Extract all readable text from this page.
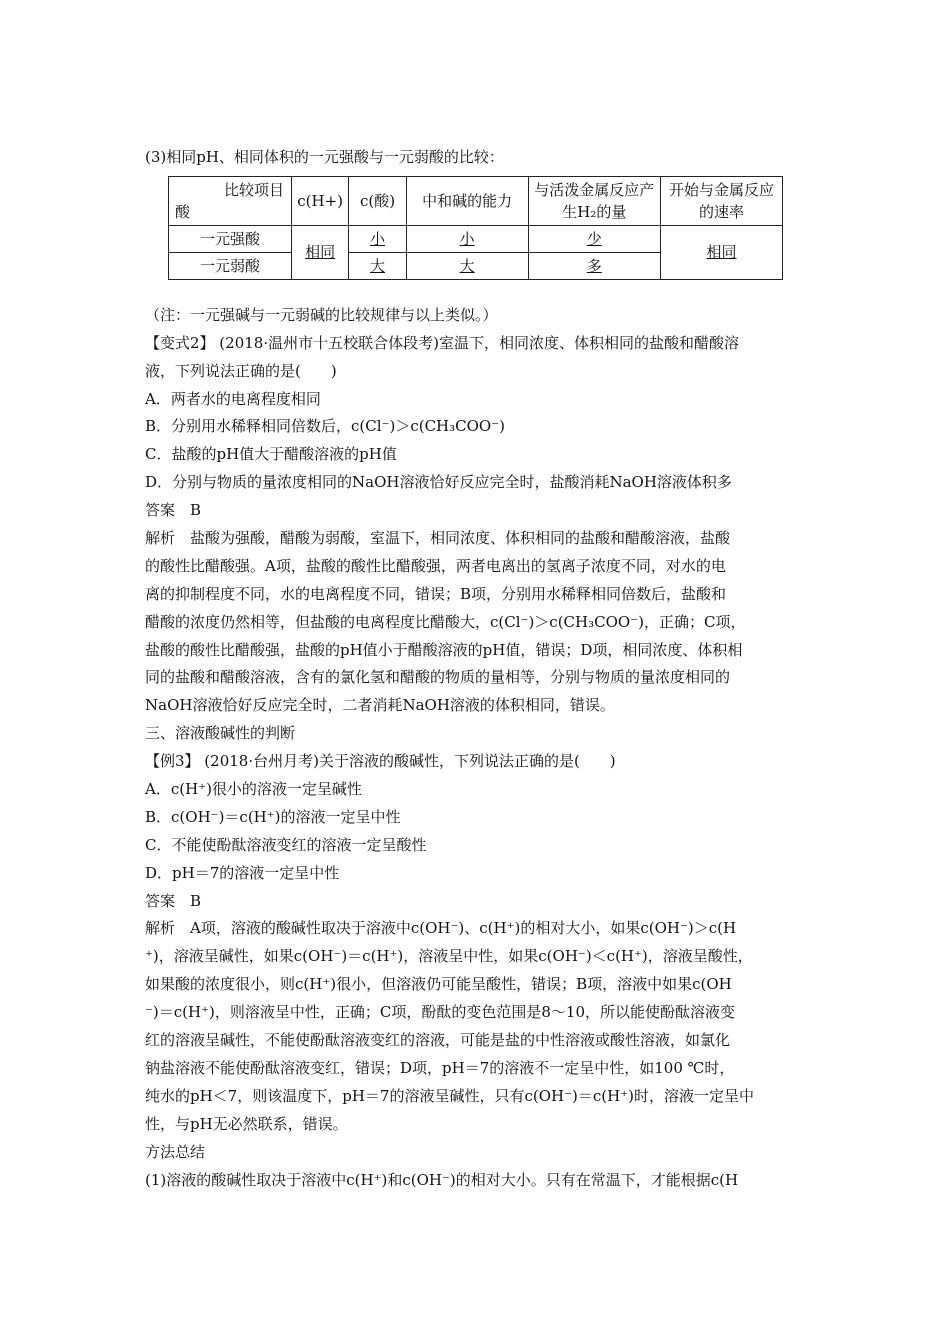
(3)相同pH、相同体积的一元强酸与一元弱酸的比较：
比较项目
酸	c(H+)	c(酸)	中和碱的能力	与活泼金属反应产生H₂的量	开始与金属反应的速率
一元强酸	相同	小	小	少	相同
一元弱酸		大	大	多	
（注：一元强碱与一元弱碱的比较规律与以上类似。）
【变式2】 (2018·温州市十五校联合体段考)室温下，相同浓度、体积相同的盐酸和醋酸溶
液，下列说法正确的是(　　)
A．两者水的电离程度相同
B．分别用水稀释相同倍数后，c(Cl⁻)＞c(CH₃COO⁻)
C．盐酸的pH值大于醋酸溶液的pH值
D．分别与物质的量浓度相同的NaOH溶液恰好反应完全时，盐酸消耗NaOH溶液体积多
答案　B
解析　盐酸为强酸，醋酸为弱酸，室温下，相同浓度、体积相同的盐酸和醋酸溶液，盐酸
的酸性比醋酸强。A项，盐酸的酸性比醋酸强，两者电离出的氢离子浓度不同，对水的电
离的抑制程度不同，水的电离程度不同，错误；B项，分别用水稀释相同倍数后，盐酸和
醋酸的浓度仍然相等，但盐酸的电离程度比醋酸大，c(Cl⁻)＞c(CH₃COO⁻)，正确；C项，
盐酸的酸性比醋酸强，盐酸的pH值小于醋酸溶液的pH值，错误；D项，相同浓度、体积相
同的盐酸和醋酸溶液，含有的氯化氢和醋酸的物质的量相等，分别与物质的量浓度相同的
NaOH溶液恰好反应完全时，二者消耗NaOH溶液的体积相同，错误。
三、溶液酸碱性的判断
【例3】 (2018·台州月考)关于溶液的酸碱性，下列说法正确的是(　　)
A．c(H⁺)很小的溶液一定呈碱性
B．c(OH⁻)＝c(H⁺)的溶液一定呈中性
C．不能使酚酞溶液变红的溶液一定呈酸性
D．pH＝7的溶液一定呈中性
答案　B
解析　A项，溶液的酸碱性取决于溶液中c(OH⁻)、c(H⁺)的相对大小，如果c(OH⁻)＞c(H
⁺)，溶液呈碱性，如果c(OH⁻)＝c(H⁺)，溶液呈中性，如果c(OH⁻)＜c(H⁺)，溶液呈酸性，
如果酸的浓度很小，则c(H⁺)很小，但溶液仍可能呈酸性，错误；B项，溶液中如果c(OH
⁻)＝c(H⁺)，则溶液呈中性，正确；C项，酚酞的变色范围是8～10，所以能使酚酞溶液变
红的溶液呈碱性，不能使酚酞溶液变红的溶液，可能是盐的中性溶液或酸性溶液，如氯化
钠盐溶液不能使酚酞溶液变红，错误；D项，pH＝7的溶液不一定呈中性，如100 ℃时，
纯水的pH＜7，则该温度下，pH＝7的溶液呈碱性，只有c(OH⁻)＝c(H⁺)时，溶液一定呈中
性，与pH无必然联系，错误。
方法总结
(1)溶液的酸碱性取决于溶液中c(H⁺)和c(OH⁻)的相对大小。只有在常温下，才能根据c(H
